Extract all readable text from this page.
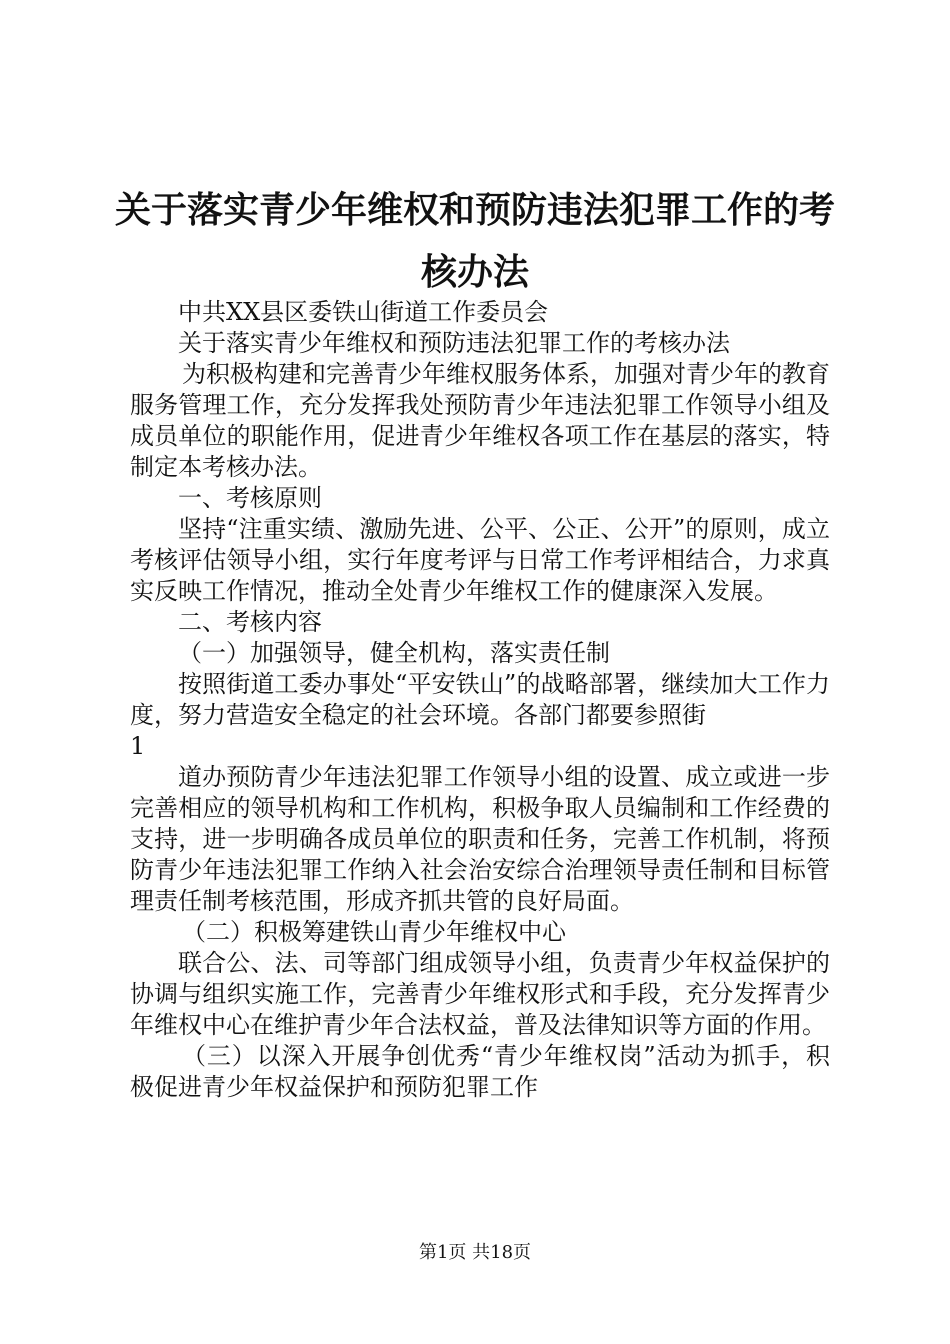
关于落实青少年维权和预防违法犯罪工作的考
核办法

中共XX县区委铁山街道工作委员会

关于落实青少年维权和预防违法犯罪工作的考核办法

为积极构建和完善青少年维权服务体系，加强对青少年的教育服务管理工作，充分发挥我处预防青少年违法犯罪工作领导小组及成员单位的职能作用，促进青少年维权各项工作在基层的落实，特制定本考核办法。

一、考核原则

坚持“注重实绩、激励先进、公平、公正、公开”的原则，成立考核评估领导小组，实行年度考评与日常工作考评相结合，力求真实反映工作情况，推动全处青少年维权工作的健康深入发展。

二、考核内容

（一）加强领导，健全机构，落实责任制

按照街道工委办事处“平安铁山”的战略部署，继续加大工作力度，努力营造安全稳定的社会环境。各部门都要参照街

1

道办预防青少年违法犯罪工作领导小组的设置、成立或进一步完善相应的领导机构和工作机构，积极争取人员编制和工作经费的支持，进一步明确各成员单位的职责和任务，完善工作机制，将预防青少年违法犯罪工作纳入社会治安综合治理领导责任制和目标管理责任制考核范围，形成齐抓共管的良好局面。

（二）积极筹建铁山青少年维权中心

联合公、法、司等部门组成领导小组，负责青少年权益保护的协调与组织实施工作，完善青少年维权形式和手段，充分发挥青少年维权中心在维护青少年合法权益，普及法律知识等方面的作用。

（三）以深入开展争创优秀“青少年维权岗”活动为抓手，积极促进青少年权益保护和预防犯罪工作

第1页 共18页
